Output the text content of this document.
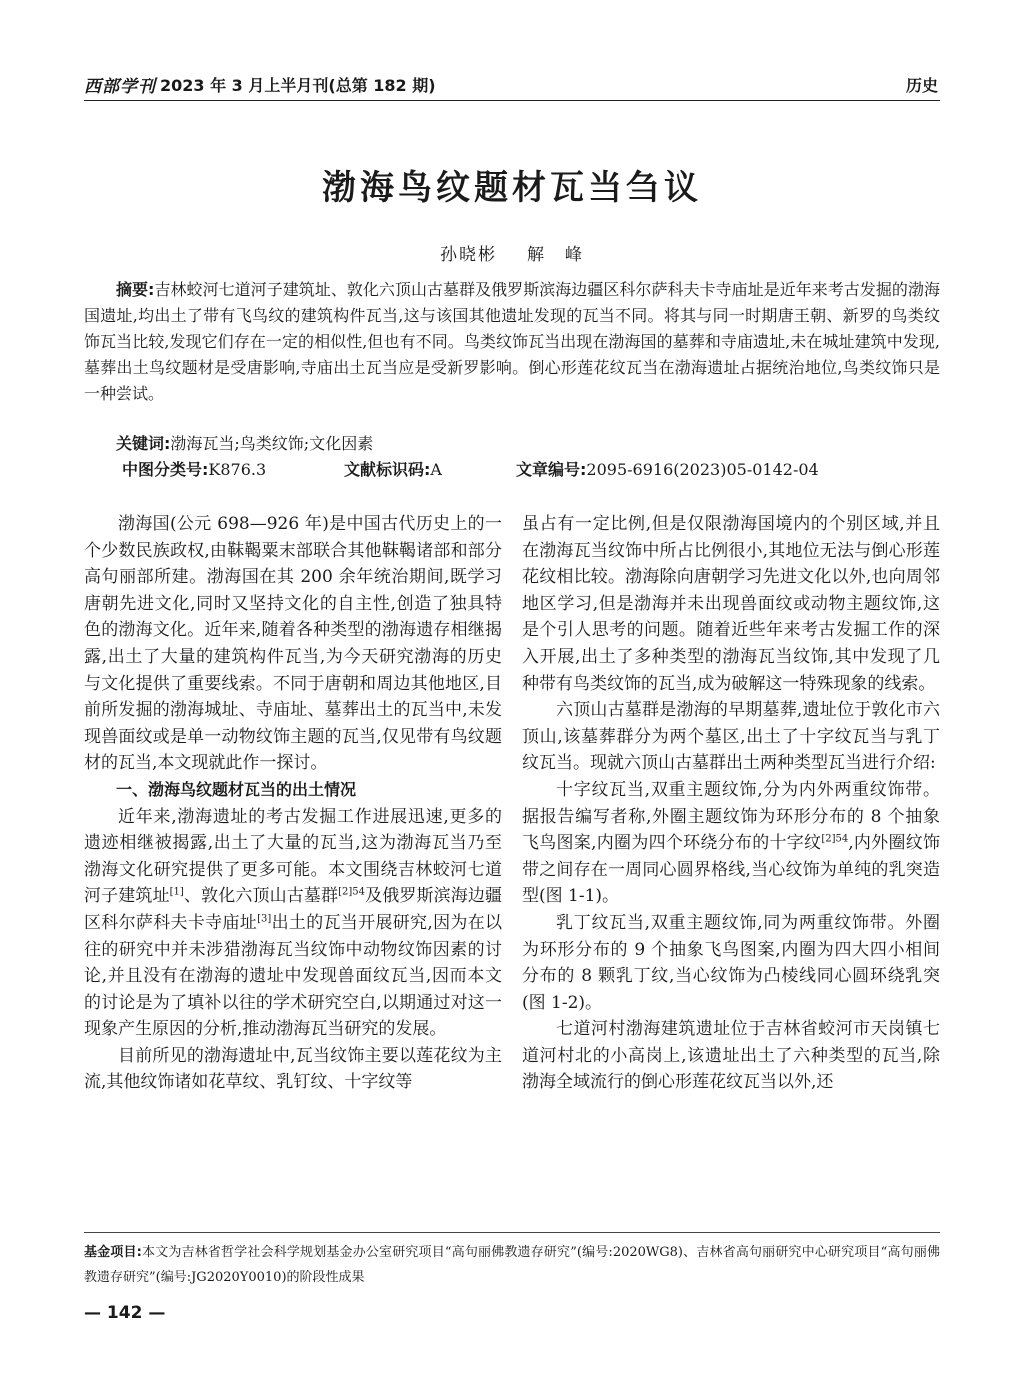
西部学刊 2023 年 3 月上半月刊(总第 182 期)	历史
渤海鸟纹题材瓦当刍议
孙晓彬 解　峰

摘要:吉林蛟河七道河子建筑址、敦化六顶山古墓群及俄罗斯滨海边疆区科尔萨科夫卡寺庙址是近年来考古发掘的渤海国遗址,均出土了带有飞鸟纹的建筑构件瓦当,这与该国其他遗址发现的瓦当不同。将其与同一时期唐王朝、新罗的鸟类纹饰瓦当比较,发现它们存在一定的相似性,但也有不同。鸟类纹饰瓦当出现在渤海国的墓葬和寺庙遗址,未在城址建筑中发现,墓葬出土鸟纹题材是受唐影响,寺庙出土瓦当应是受新罗影响。倒心形莲花纹瓦当在渤海遗址占据统治地位,鸟类纹饰只是一种尝试。

关键词:渤海瓦当;鸟类纹饰;文化因素
中图分类号:K876.3	文献标识码:A	文章编号:2095-6916(2023)05-0142-04

渤海国(公元 698—926 年)是中国古代历史上的一个少数民族政权,由靺鞨粟末部联合其他靺鞨诸部和部分高句丽部所建。渤海国在其 200 余年统治期间,既学习唐朝先进文化,同时又坚持文化的自主性,创造了独具特色的渤海文化。近年来,随着各种类型的渤海遗存相继揭露,出土了大量的建筑构件瓦当,为今天研究渤海的历史与文化提供了重要线索。不同于唐朝和周边其他地区,目前所发掘的渤海城址、寺庙址、墓葬出土的瓦当中,未发现兽面纹或是单一动物纹饰主题的瓦当,仅见带有鸟纹题材的瓦当,本文现就此作一探讨。

一、渤海鸟纹题材瓦当的出土情况

近年来,渤海遗址的考古发掘工作进展迅速,更多的遗迹相继被揭露,出土了大量的瓦当,这为渤海瓦当乃至渤海文化研究提供了更多可能。本文围绕吉林蛟河七道河子建筑址[1]、敦化六顶山古墓群$^{[2]54}$及俄罗斯滨海边疆区科尔萨科夫卡寺庙址[3]出土的瓦当开展研究,因为在以往的研究中并未涉猎渤海瓦当纹饰中动物纹饰因素的讨论,并且没有在渤海的遗址中发现兽面纹瓦当,因而本文的讨论是为了填补以往的学术研究空白,以期通过对这一现象产生原因的分析,推动渤海瓦当研究的发展。

目前所见的渤海遗址中,瓦当纹饰主要以莲花纹为主流,其他纹饰诸如花草纹、乳钉纹、十字纹等

虽占有一定比例,但是仅限渤海国境内的个别区域,并且在渤海瓦当纹饰中所占比例很小,其地位无法与倒心形莲花纹相比较。渤海除向唐朝学习先进文化以外,也向周邻地区学习,但是渤海并未出现兽面纹或动物主题纹饰,这是个引人思考的问题。随着近些年来考古发掘工作的深入开展,出土了多种类型的渤海瓦当纹饰,其中发现了几种带有鸟类纹饰的瓦当,成为破解这一特殊现象的线索。

六顶山古墓群是渤海的早期墓葬,遗址位于敦化市六顶山,该墓葬群分为两个墓区,出土了十字纹瓦当与乳丁纹瓦当。现就六顶山古墓群出土两种类型瓦当进行介绍:

十字纹瓦当,双重主题纹饰,分为内外两重纹饰带。据报告编写者称,外圈主题纹饰为环形分布的 8 个抽象飞鸟图案,内圈为四个环绕分布的十字纹$^{[2]54}$,内外圈纹饰带之间存在一周同心圆界格线,当心纹饰为单纯的乳突造型(图 1-1)。

乳丁纹瓦当,双重主题纹饰,同为两重纹饰带。外圈为环形分布的 9 个抽象飞鸟图案,内圈为四大四小相间分布的 8 颗乳丁纹,当心纹饰为凸棱线同心圆环绕乳突(图 1-2)。

七道河村渤海建筑遗址位于吉林省蛟河市天岗镇七道河村北的小高岗上,该遗址出土了六种类型的瓦当,除渤海全域流行的倒心形莲花纹瓦当以外,还

基金项目:本文为吉林省哲学社会科学规划基金办公室研究项目“高句丽佛教遗存研究”(编号:2020WG8)、吉林省高句丽研究中心研究项目“高句丽佛教遗存研究”(编号:JG2020Y0010)的阶段性成果
— 142 —
